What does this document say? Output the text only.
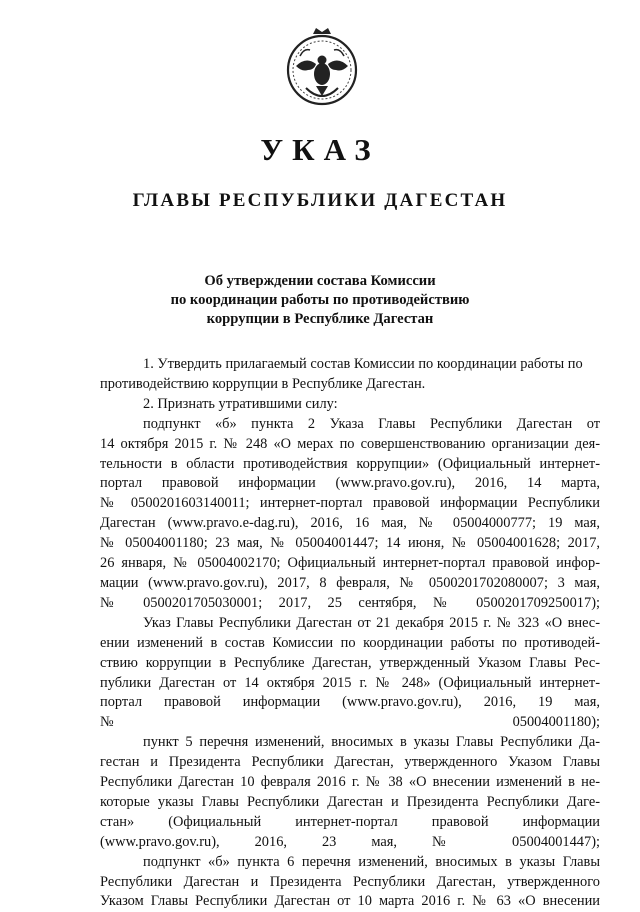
УКАЗ
ГЛАВЫ РЕСПУБЛИКИ ДАГЕСТАН
Об утверждении состава Комиссии
по координации работы по противодействию
коррупции в Республике Дагестан
1. Утвердить прилагаемый состав Комиссии по координации работы по
противодействию коррупции в Республике Дагестан.
2. Признать утратившими силу:
подпункт «б» пункта 2 Указа Главы Республики Дагестан от
14 октября 2015 г. № 248 «О мерах по совершенствованию организации дея-
тельности в области противодействия коррупции» (Официальный интернет-
портал правовой информации (www.pravo.gov.ru), 2016, 14 марта,
№ 0500201603140011; интернет-портал правовой информации Республики
Дагестан (www.pravo.e-dag.ru), 2016, 16 мая, № 05004000777; 19 мая,
№ 05004001180; 23 мая, № 05004001447; 14 июня, № 05004001628; 2017,
26 января, № 05004002170; Официальный интернет-портал правовой инфор-
мации (www.pravo.gov.ru), 2017, 8 февраля, № 0500201702080007; 3 мая,
№ 0500201705030001; 2017, 25 сентября, № 0500201709250017);
Указ Главы Республики Дагестан от 21 декабря 2015 г. № 323 «О внес-
ении изменений в состав Комиссии по координации работы по противодей-
ствию коррупции в Республике Дагестан, утвержденный Указом Главы Рес-
публики Дагестан от 14 октября 2015 г. № 248» (Официальный интернет-
портал правовой информации (www.pravo.gov.ru), 2016, 19 мая,
№ 05004001180);
пункт 5 перечня изменений, вносимых в указы Главы Республики Да-
гестан и Президента Республики Дагестан, утвержденного Указом Главы
Республики Дагестан 10 февраля 2016 г. № 38 «О внесении изменений в не-
которые указы Главы Республики Дагестан и Президента Республики Даге-
стан» (Официальный интернет-портал правовой информации
(www.pravo.gov.ru), 2016, 23 мая, № 05004001447);
подпункт «б» пункта 6 перечня изменений, вносимых в указы Главы
Республики Дагестан и Президента Республики Дагестан, утвержденного
Указом Главы Республики Дагестан от 10 марта 2016 г. № 63 «О внесении
